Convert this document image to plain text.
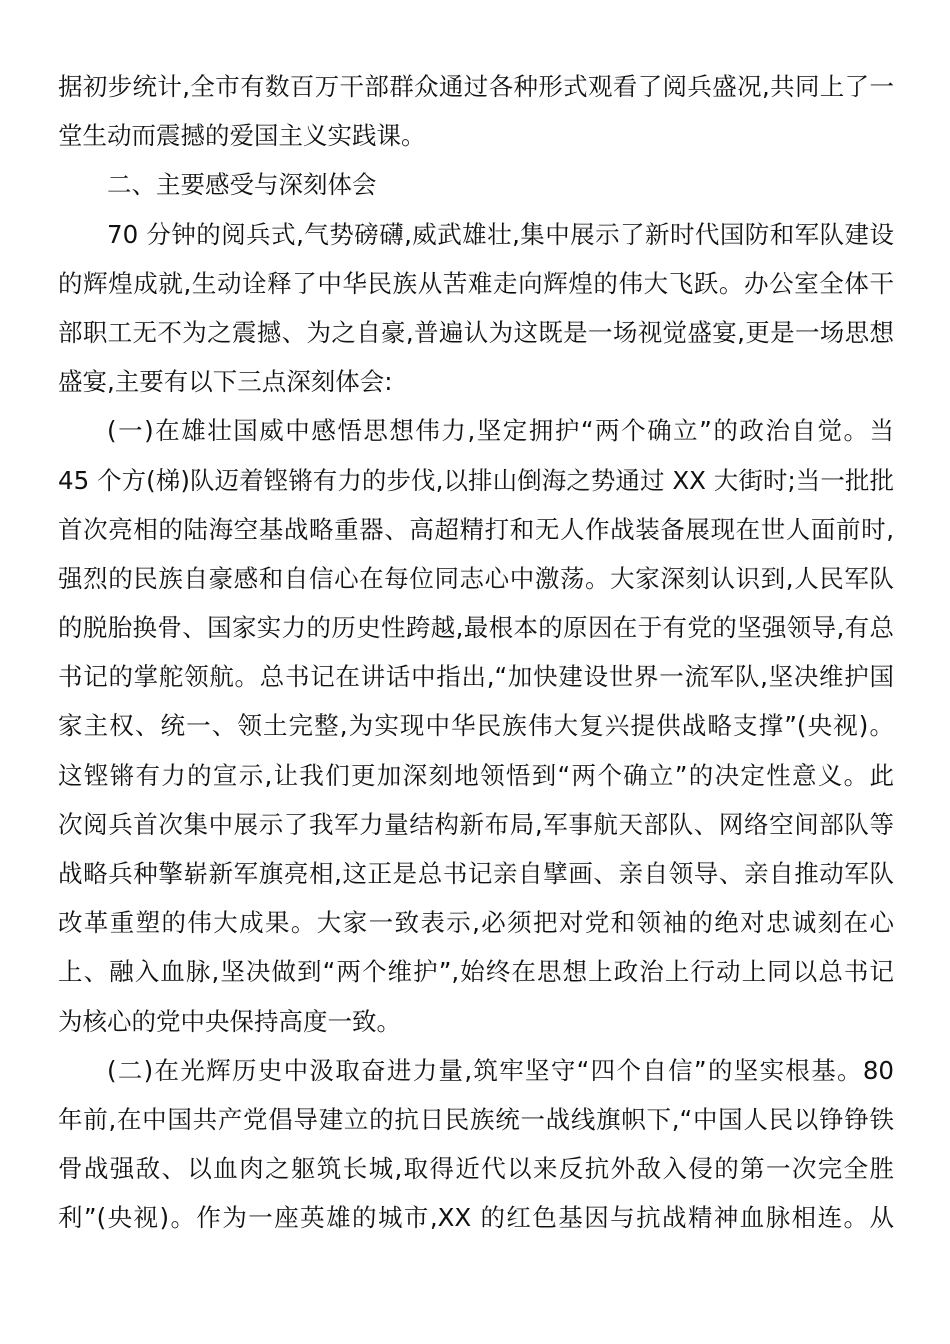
据初步统计,全市有数百万干部群众通过各种形式观看了阅兵盛况,共同上了一
堂生动而震撼的爱国主义实践课。
二、主要感受与深刻体会
70 分钟的阅兵式,气势磅礴,威武雄壮,集中展示了新时代国防和军队建设
的辉煌成就,生动诠释了中华民族从苦难走向辉煌的伟大飞跃。办公室全体干
部职工无不为之震撼、为之自豪,普遍认为这既是一场视觉盛宴,更是一场思想
盛宴,主要有以下三点深刻体会:
(一)在雄壮国威中感悟思想伟力,坚定拥护“两个确立”的政治自觉。当
45 个方(梯)队迈着铿锵有力的步伐,以排山倒海之势通过 XX 大街时;当一批批
首次亮相的陆海空基战略重器、高超精打和无人作战装备展现在世人面前时,
强烈的民族自豪感和自信心在每位同志心中激荡。大家深刻认识到,人民军队
的脱胎换骨、国家实力的历史性跨越,最根本的原因在于有党的坚强领导,有总
书记的掌舵领航。总书记在讲话中指出,“加快建设世界一流军队,坚决维护国
家主权、统一、领土完整,为实现中华民族伟大复兴提供战略支撑”(央视)。
这铿锵有力的宣示,让我们更加深刻地领悟到“两个确立”的决定性意义。此
次阅兵首次集中展示了我军力量结构新布局,军事航天部队、网络空间部队等
战略兵种擎崭新军旗亮相,这正是总书记亲自擘画、亲自领导、亲自推动军队
改革重塑的伟大成果。大家一致表示,必须把对党和领袖的绝对忠诚刻在心
上、融入血脉,坚决做到“两个维护”,始终在思想上政治上行动上同以总书记
为核心的党中央保持高度一致。
(二)在光辉历史中汲取奋进力量,筑牢坚守“四个自信”的坚实根基。80
年前,在中国共产党倡导建立的抗日民族统一战线旗帜下,“中国人民以铮铮铁
骨战强敌、以血肉之躯筑长城,取得近代以来反抗外敌入侵的第一次完全胜
利”(央视)。作为一座英雄的城市,XX 的红色基因与抗战精神血脉相连。从
